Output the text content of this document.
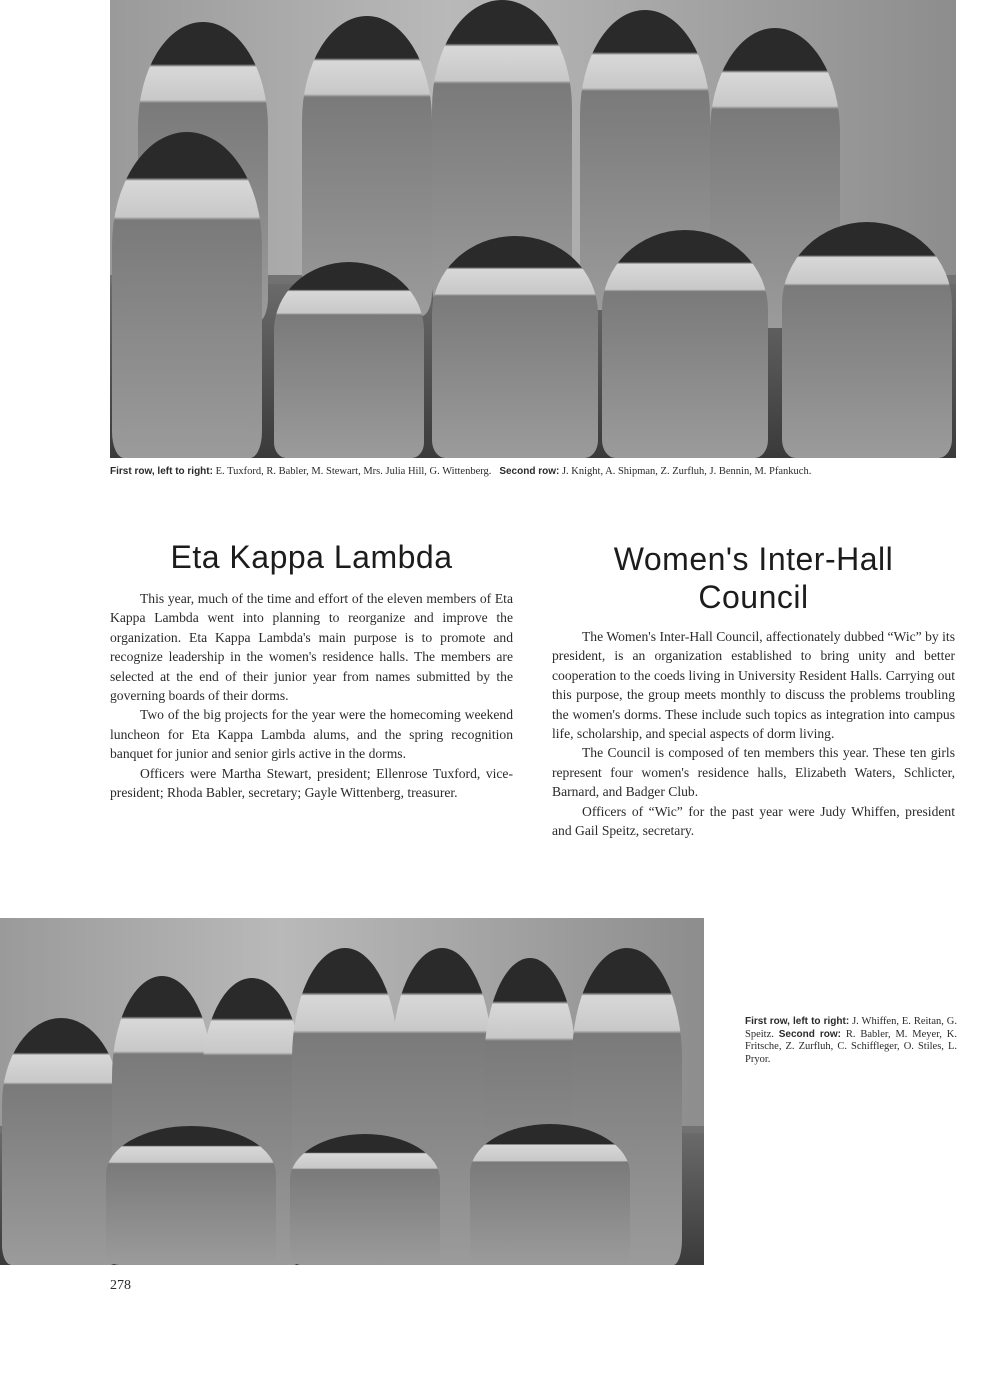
First row, left to right: E. Tuxford, R. Babler, M. Stewart, Mrs. Julia Hill, G. Wittenberg. Second row: J. Knight, A. Shipman, Z. Zurfluh, J. Bennin, M. Pfankuch.
Eta Kappa Lambda

This year, much of the time and effort of the eleven members of Eta Kappa Lambda went into planning to reorganize and improve the organization. Eta Kappa Lambda's main purpose is to promote and recognize leadership in the women's residence halls. The members are selected at the end of their junior year from names submitted by the governing boards of their dorms.

Two of the big projects for the year were the homecoming weekend luncheon for Eta Kappa Lambda alums, and the spring recognition banquet for junior and senior girls active in the dorms.

Officers were Martha Stewart, president; Ellenrose Tuxford, vice-president; Rhoda Babler, secretary; Gayle Wittenberg, treasurer.

Women's Inter-Hall
Council

The Women's Inter-Hall Council, affectionately dubbed “Wic” by its president, is an organization established to bring unity and better cooperation to the coeds living in University Resident Halls. Carrying out this purpose, the group meets monthly to discuss the problems troubling the women's dorms. These include such topics as integration into campus life, scholarship, and special aspects of dorm living.

The Council is composed of ten members this year. These ten girls represent four women's residence halls, Elizabeth Waters, Schlicter, Barnard, and Badger Club.

Officers of “Wic” for the past year were Judy Whiffen, president and Gail Speitz, secretary.

First row, left to right: J. Whiffen, E. Reitan, G. Speitz. Second row: R. Babler, M. Meyer, K. Fritsche, Z. Zurfluh, C. Schiffleger, O. Stiles, L. Pryor.
278
